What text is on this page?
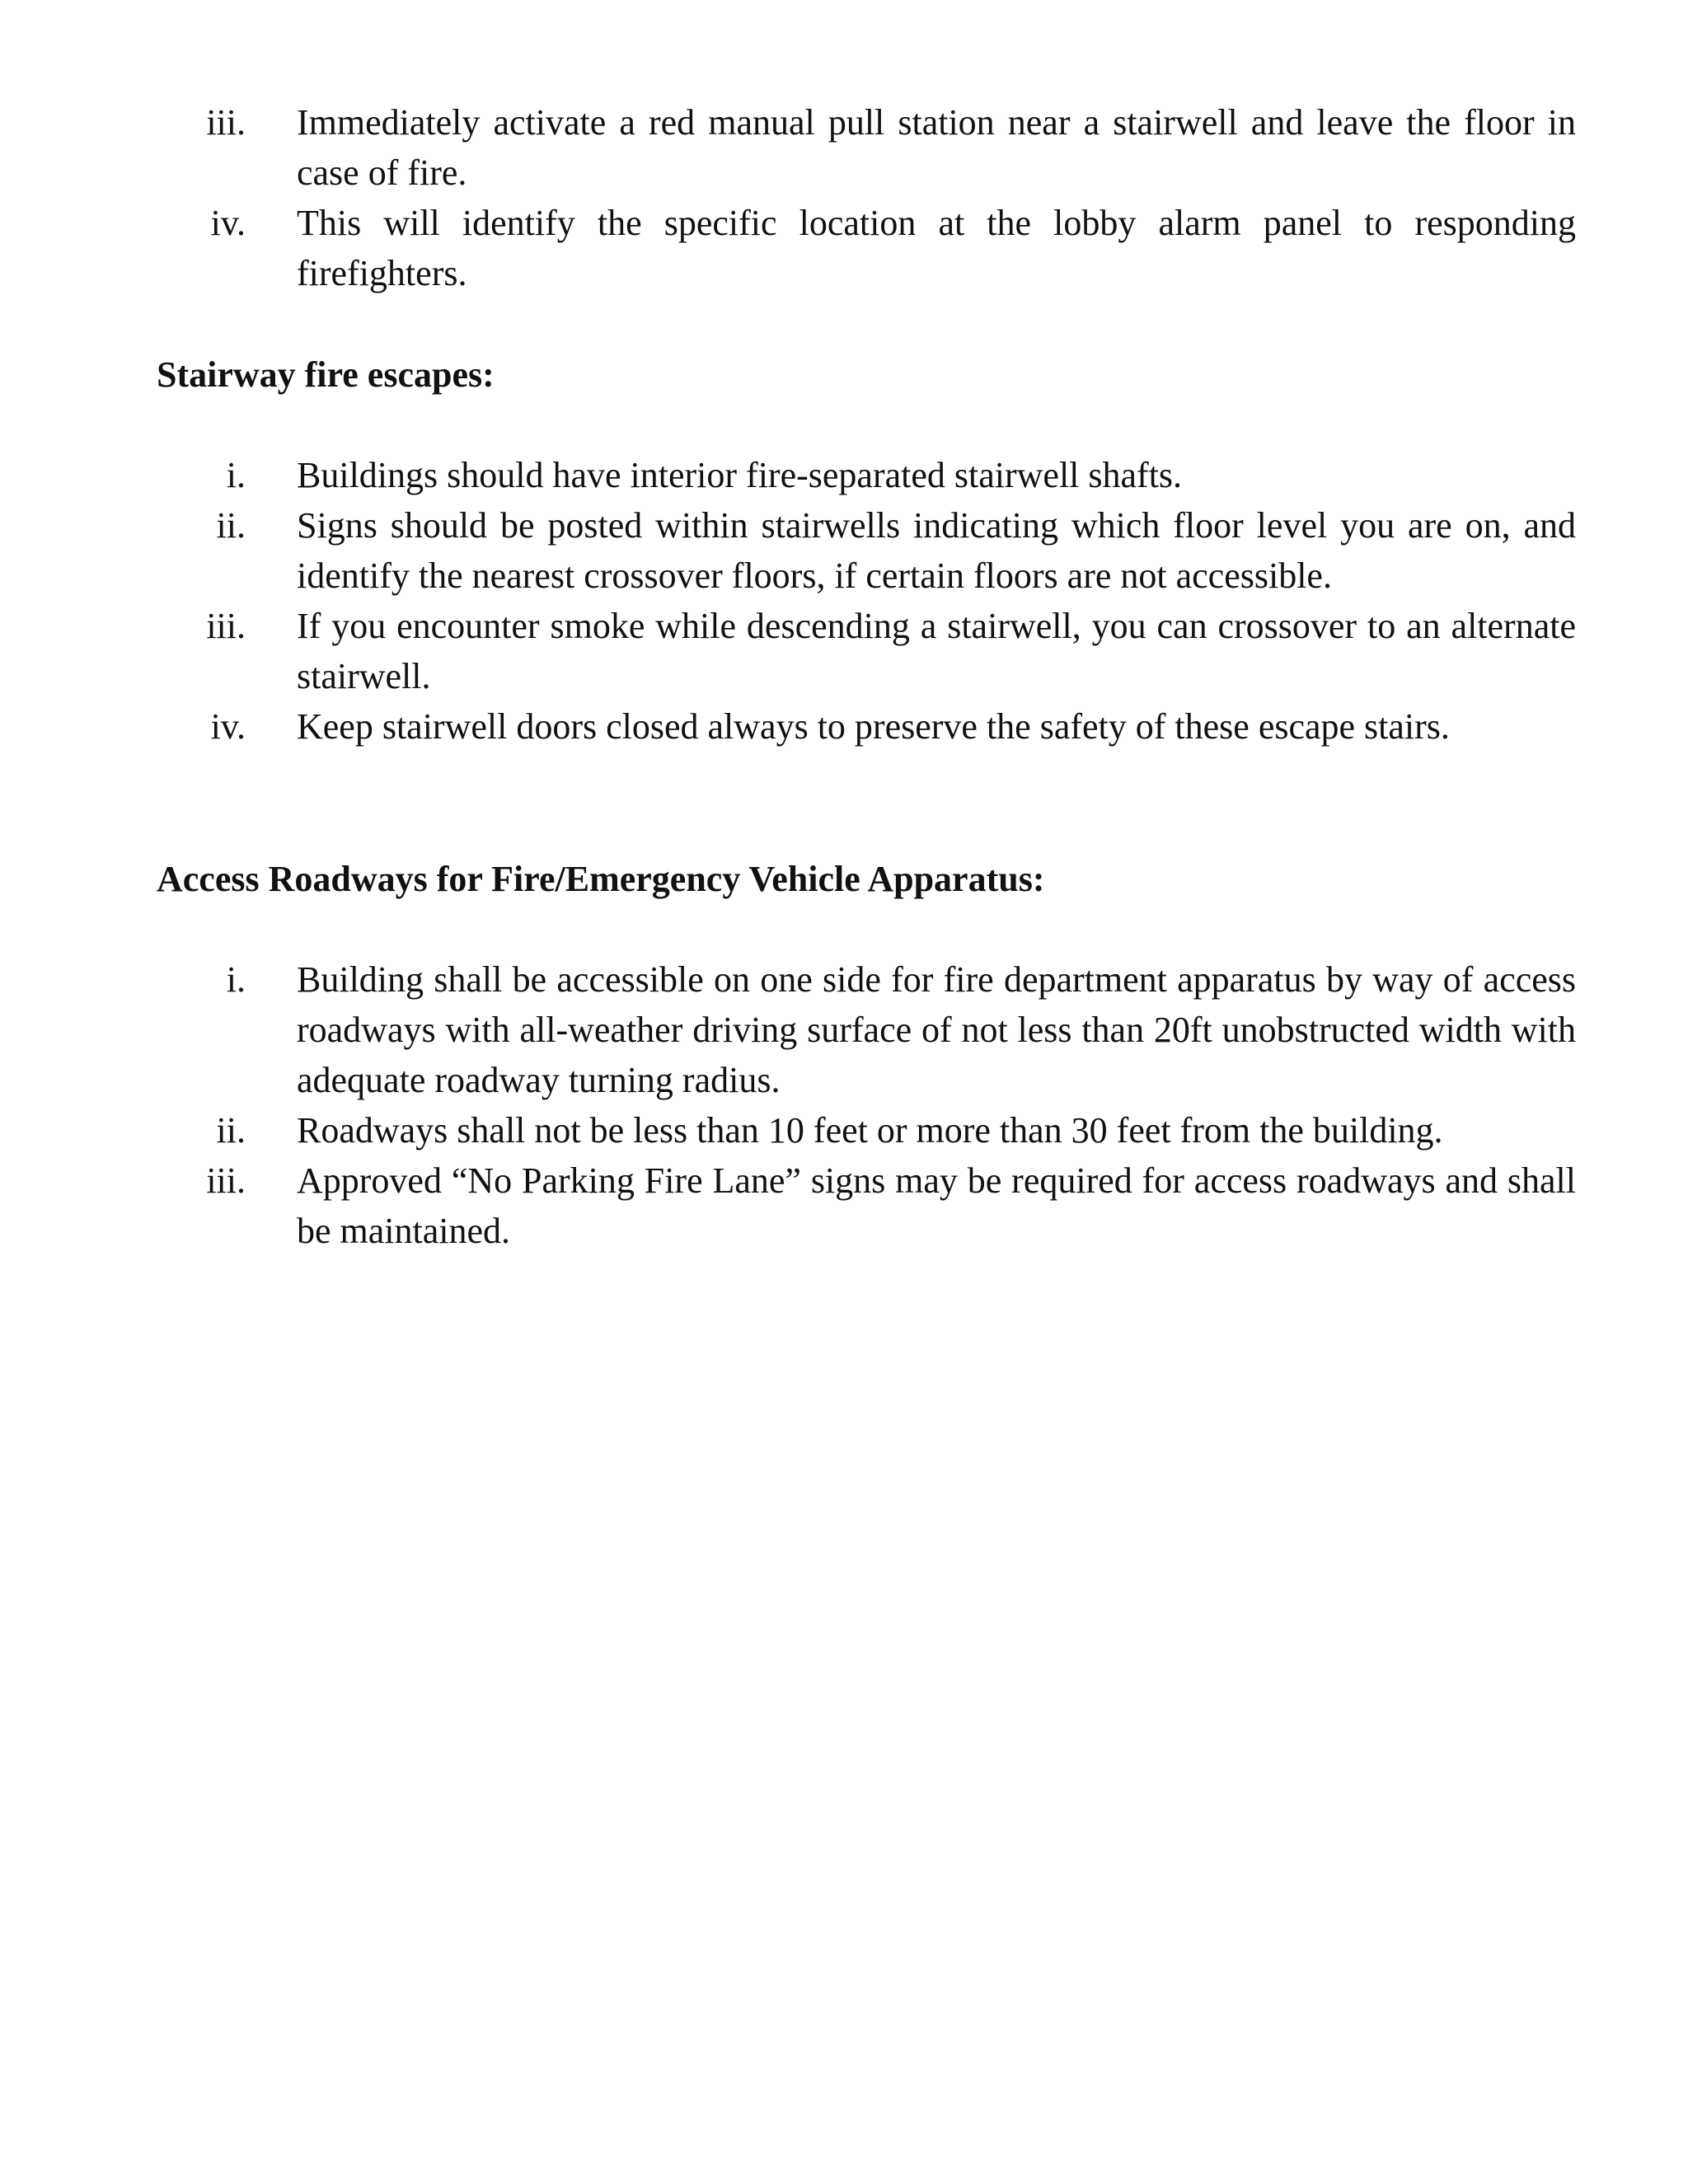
iii. Immediately activate a red manual pull station near a stairwell and leave the floor in case of fire.
iv. This will identify the specific location at the lobby alarm panel to responding firefighters.
Stairway fire escapes:
i. Buildings should have interior fire-separated stairwell shafts.
ii. Signs should be posted within stairwells indicating which floor level you are on, and identify the nearest crossover floors, if certain floors are not accessible.
iii. If you encounter smoke while descending a stairwell, you can crossover to an alternate stairwell.
iv. Keep stairwell doors closed always to preserve the safety of these escape stairs.
Access Roadways for Fire/Emergency Vehicle Apparatus:
i. Building shall be accessible on one side for fire department apparatus by way of access roadways with all-weather driving surface of not less than 20ft unobstructed width with adequate roadway turning radius.
ii. Roadways shall not be less than 10 feet or more than 30 feet from the building.
iii. Approved “No Parking Fire Lane” signs may be required for access roadways and shall be maintained.
